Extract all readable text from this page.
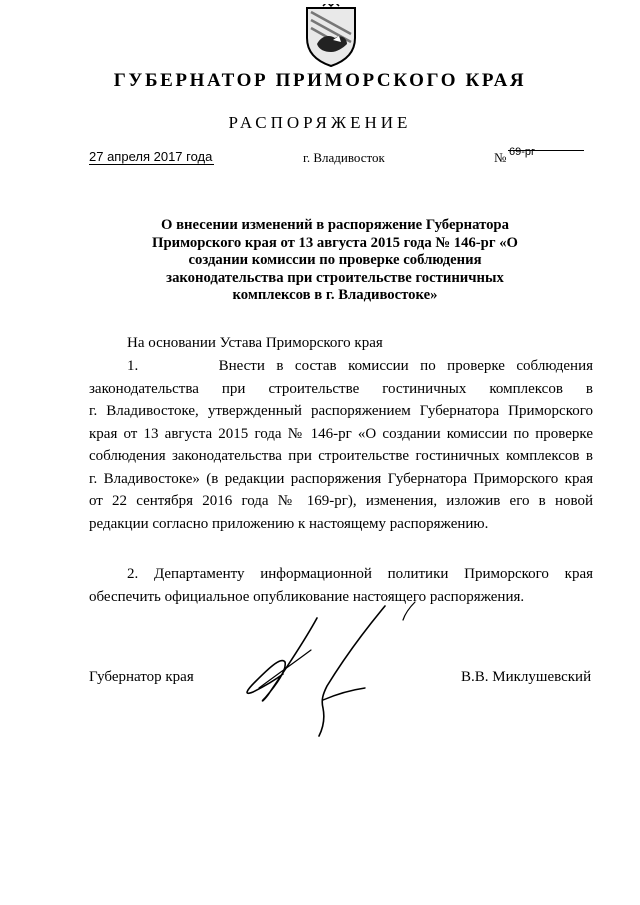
ГУБЕРНАТОР ПРИМОРСКОГО КРАЯ
РАСПОРЯЖЕНИЕ
27 апреля 2017 года	г. Владивосток	№ 69-рг
О внесении изменений в распоряжение Губернатора Приморского края от 13 августа 2015 года № 146-рг «О создании комиссии по проверке соблюдения законодательства при строительстве гостиничных комплексов в г. Владивостоке»
На основании Устава Приморского края
1.       Внести в состав комиссии по проверке соблюдения
законодательства при строительстве гостиничных комплексов в
г. Владивостоке, утвержденный распоряжением Губернатора Приморского
края от 13 августа 2015 года № 146-рг «О создании комиссии по проверке
соблюдения законодательства при строительстве гостиничных комплексов в
г. Владивостоке» (в редакции распоряжения Губернатора Приморского края
от 22 сентября 2016 года № 169-рг), изменения, изложив его в новой
редакции согласно приложению к настоящему распоряжению.
2. Департаменту информационной политики Приморского края
обеспечить официальное опубликование настоящего распоряжения.
Губернатор края	В.В. Миклушевский
